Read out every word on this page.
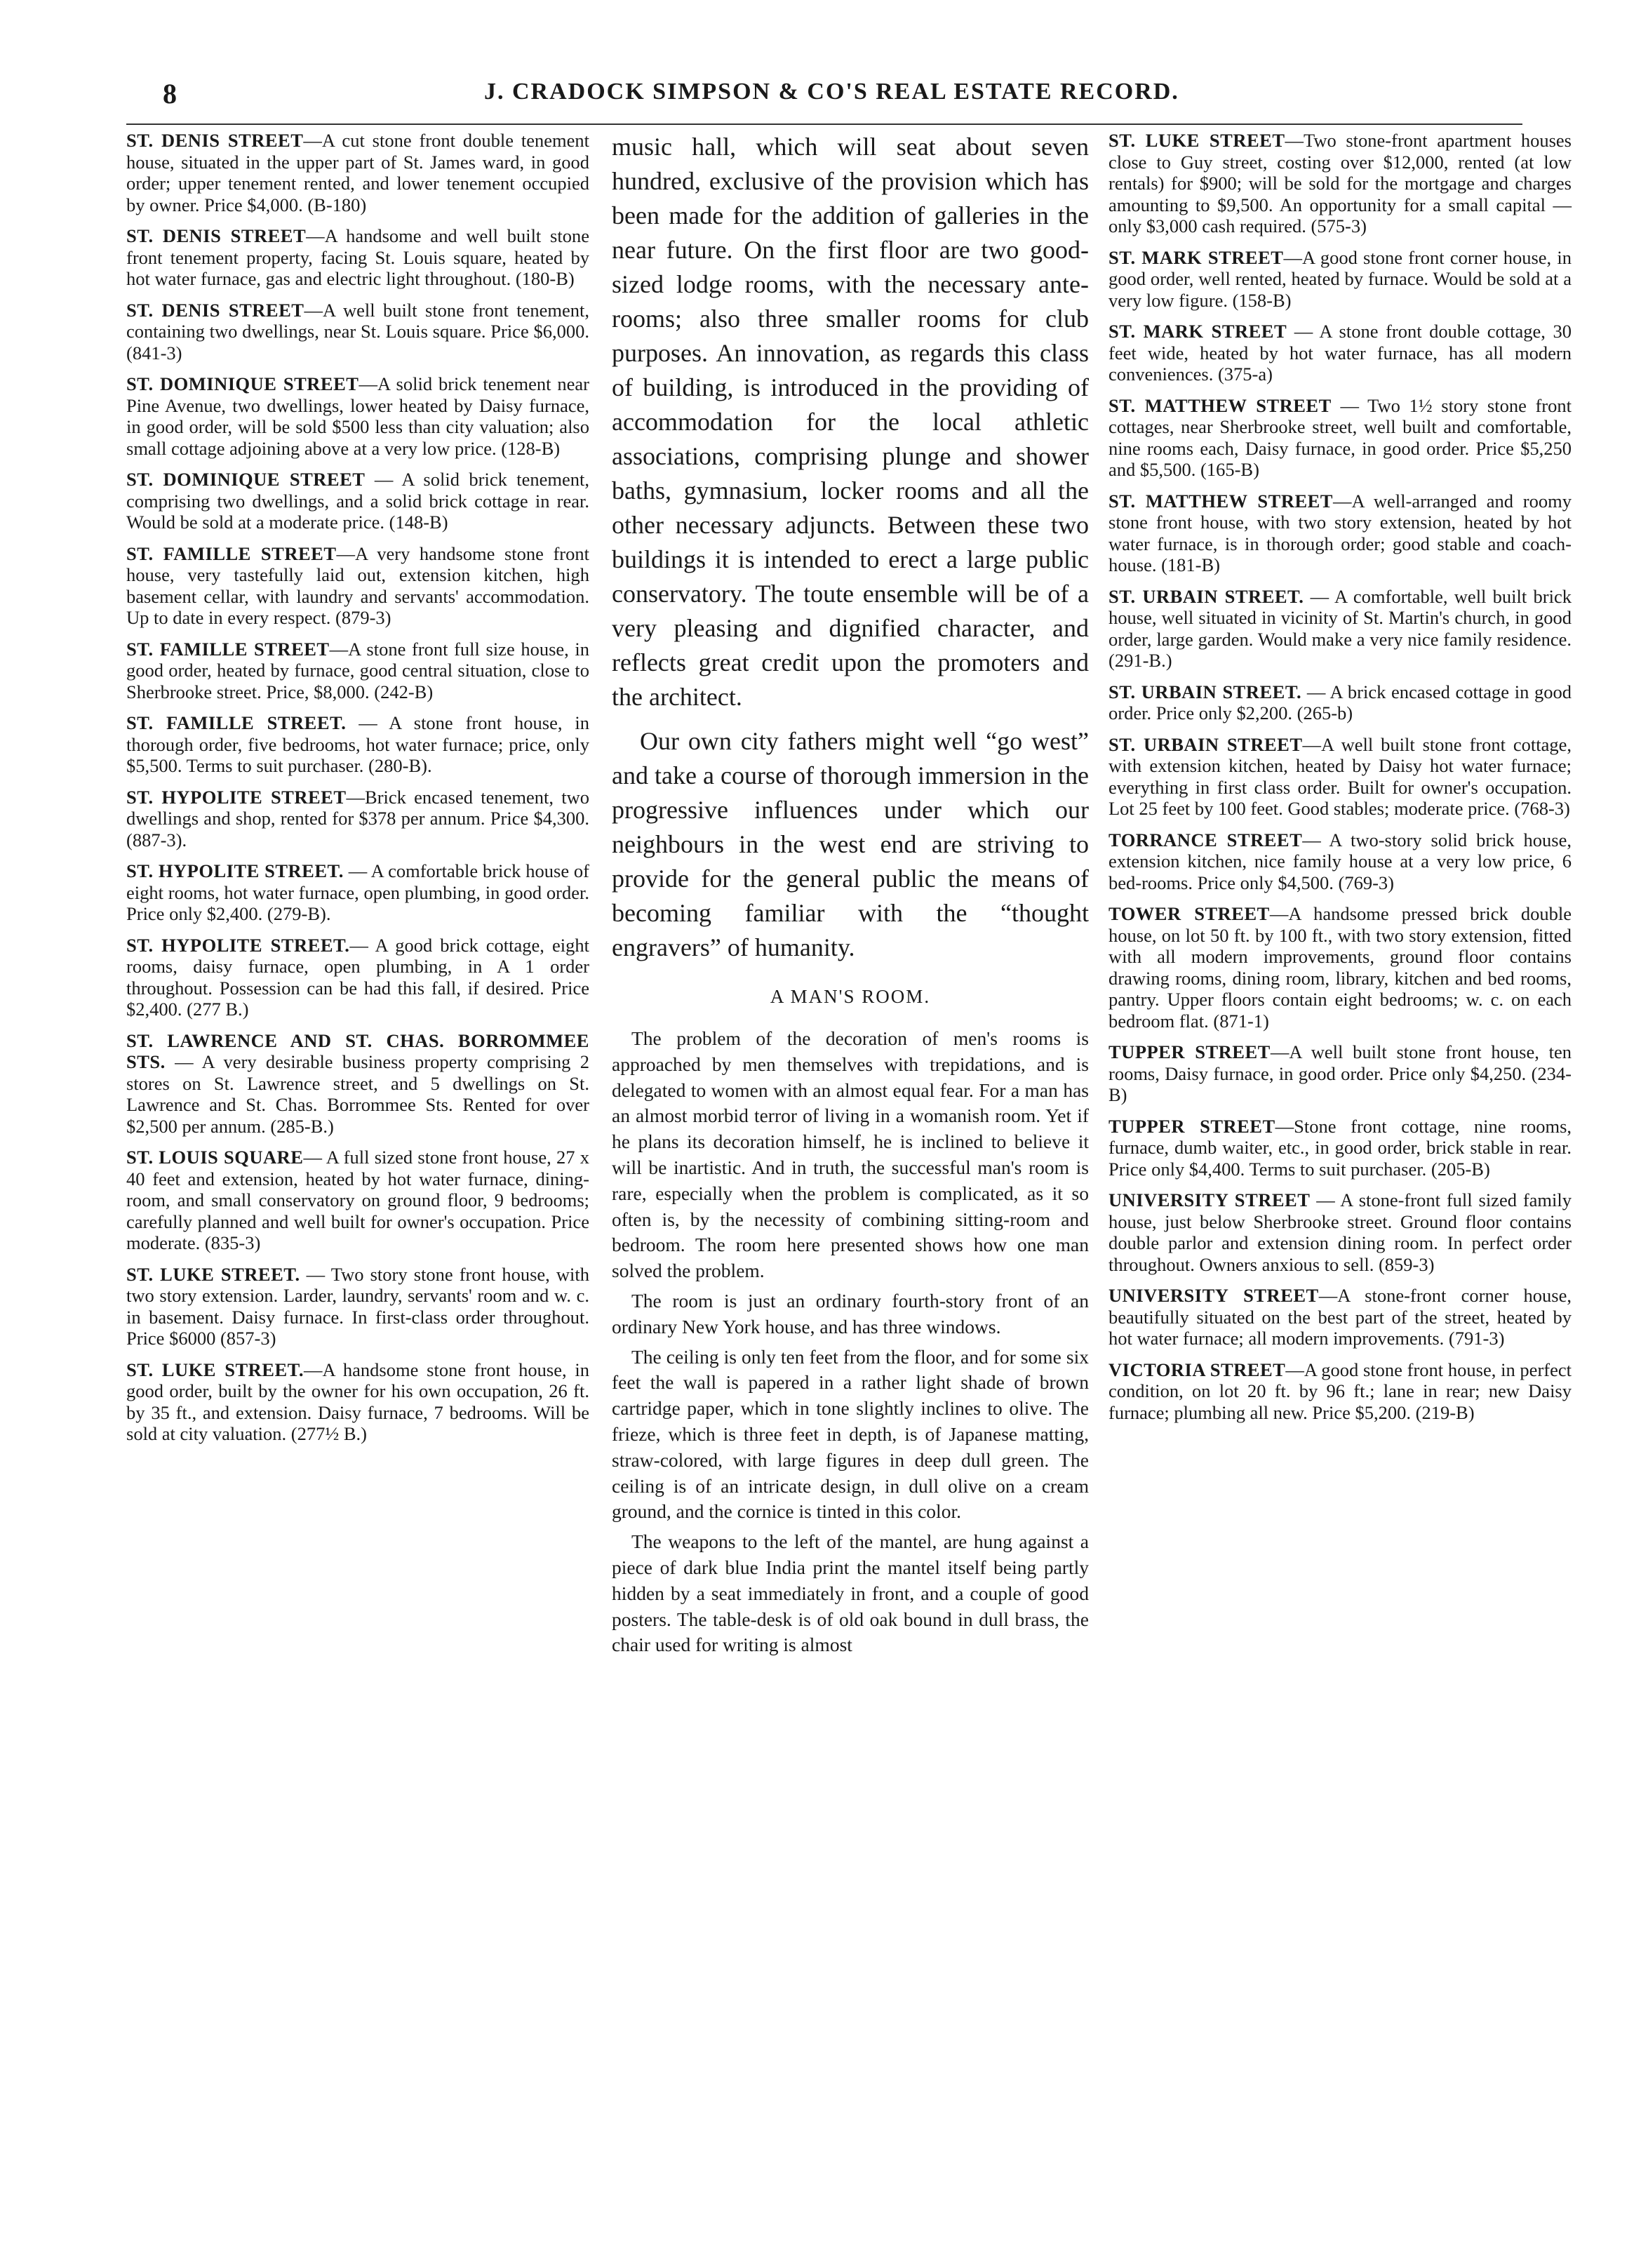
8	J. CRADOCK SIMPSON & CO'S REAL ESTATE RECORD.

ST. DENIS STREET—A cut stone front double tenement house, situated in the upper part of St. James ward, in good order; upper tenement rented, and lower tenement occupied by owner. Price $4,000. (B-180)

ST. DENIS STREET—A handsome and well built stone front tenement property, facing St. Louis square, heated by hot water furnace, gas and electric light throughout. (180-B)

ST. DENIS STREET—A well built stone front tenement, containing two dwellings, near St. Louis square. Price $6,000. (841-3)

ST. DOMINIQUE STREET—A solid brick tenement near Pine Avenue, two dwellings, lower heated by Daisy furnace, in good order, will be sold $500 less than city valuation; also small cottage adjoining above at a very low price. (128-B)

ST. DOMINIQUE STREET — A solid brick tenement, comprising two dwellings, and a solid brick cottage in rear. Would be sold at a moderate price. (148-B)

ST. FAMILLE STREET—A very handsome stone front house, very tastefully laid out, extension kitchen, high basement cellar, with laundry and servants' accommodation. Up to date in every respect. (879-3)

ST. FAMILLE STREET—A stone front full size house, in good order, heated by furnace, good central situation, close to Sherbrooke street. Price, $8,000. (242-B)

ST. FAMILLE STREET. — A stone front house, in thorough order, five bedrooms, hot water furnace; price, only $5,500. Terms to suit purchaser. (280-B).

ST. HYPOLITE STREET—Brick encased tenement, two dwellings and shop, rented for $378 per annum. Price $4,300. (887-3).

ST. HYPOLITE STREET. — A comfortable brick house of eight rooms, hot water furnace, open plumbing, in good order. Price only $2,400. (279-B).

ST. HYPOLITE STREET.— A good brick cottage, eight rooms, daisy furnace, open plumbing, in A 1 order throughout. Possession can be had this fall, if desired. Price $2,400. (277 B.)

ST. LAWRENCE AND ST. CHAS. BORROMMEE STS. — A very desirable business property comprising 2 stores on St. Lawrence street, and 5 dwellings on St. Lawrence and St. Chas. Borrommee Sts. Rented for over $2,500 per annum. (285-B.)

ST. LOUIS SQUARE— A full sized stone front house, 27 x 40 feet and extension, heated by hot water furnace, dining-room, and small conservatory on ground floor, 9 bedrooms; carefully planned and well built for owner's occupation. Price moderate. (835-3)

ST. LUKE STREET. — Two story stone front house, with two story extension. Larder, laundry, servants' room and w. c. in basement. Daisy furnace. In first-class order throughout. Price $6000 (857-3)

ST. LUKE STREET.—A handsome stone front house, in good order, built by the owner for his own occupation, 26 ft. by 35 ft., and extension. Daisy furnace, 7 bedrooms. Will be sold at city valuation. (277½ B.)

music hall, which will seat about seven hundred, exclusive of the provision which has been made for the addition of galleries in the near future. On the first floor are two good-sized lodge rooms, with the necessary ante-rooms; also three smaller rooms for club purposes. An innovation, as regards this class of building, is introduced in the providing of accommodation for the local athletic associations, comprising plunge and shower baths, gymnasium, locker rooms and all the other necessary adjuncts. Between these two buildings it is intended to erect a large public conservatory. The toute ensemble will be of a very pleasing and dignified character, and reflects great credit upon the promoters and the architect.

Our own city fathers might well “go west” and take a course of thorough immersion in the progressive influences under which our neighbours in the west end are striving to provide for the general public the means of becoming familiar with the “thought engravers” of humanity.

A MAN'S ROOM.

The problem of the decoration of men's rooms is approached by men themselves with trepidations, and is delegated to women with an almost equal fear. For a man has an almost morbid terror of living in a womanish room. Yet if he plans its decoration himself, he is inclined to believe it will be inartistic. And in truth, the successful man's room is rare, especially when the problem is complicated, as it so often is, by the necessity of combining sitting-room and bedroom. The room here presented shows how one man solved the problem.

The room is just an ordinary fourth-story front of an ordinary New York house, and has three windows.

The ceiling is only ten feet from the floor, and for some six feet the wall is papered in a rather light shade of brown cartridge paper, which in tone slightly inclines to olive. The frieze, which is three feet in depth, is of Japanese matting, straw-colored, with large figures in deep dull green. The ceiling is of an intricate design, in dull olive on a cream ground, and the cornice is tinted in this color.

The weapons to the left of the mantel, are hung against a piece of dark blue India print the mantel itself being partly hidden by a seat immediately in front, and a couple of good posters. The table-desk is of old oak bound in dull brass, the chair used for writing is almost

ST. LUKE STREET—Two stone-front apartment houses close to Guy street, costing over $12,000, rented (at low rentals) for $900; will be sold for the mortgage and charges amounting to $9,500. An opportunity for a small capital — only $3,000 cash required. (575-3)

ST. MARK STREET—A good stone front corner house, in good order, well rented, heated by furnace. Would be sold at a very low figure. (158-B)

ST. MARK STREET — A stone front double cottage, 30 feet wide, heated by hot water furnace, has all modern conveniences. (375-a)

ST. MATTHEW STREET — Two 1½ story stone front cottages, near Sherbrooke street, well built and comfortable, nine rooms each, Daisy furnace, in good order. Price $5,250 and $5,500. (165-B)

ST. MATTHEW STREET—A well-arranged and roomy stone front house, with two story extension, heated by hot water furnace, is in thorough order; good stable and coach-house. (181-B)

ST. URBAIN STREET. — A comfortable, well built brick house, well situated in vicinity of St. Martin's church, in good order, large garden. Would make a very nice family residence. (291-B.)

ST. URBAIN STREET. — A brick encased cottage in good order. Price only $2,200. (265-b)

ST. URBAIN STREET—A well built stone front cottage, with extension kitchen, heated by Daisy hot water furnace; everything in first class order. Built for owner's occupation. Lot 25 feet by 100 feet. Good stables; moderate price. (768-3)

TORRANCE STREET— A two-story solid brick house, extension kitchen, nice family house at a very low price, 6 bed-rooms. Price only $4,500. (769-3)

TOWER STREET—A handsome pressed brick double house, on lot 50 ft. by 100 ft., with two story extension, fitted with all modern improvements, ground floor contains drawing rooms, dining room, library, kitchen and bed rooms, pantry. Upper floors contain eight bedrooms; w. c. on each bedroom flat. (871-1)

TUPPER STREET—A well built stone front house, ten rooms, Daisy furnace, in good order. Price only $4,250. (234-B)

TUPPER STREET—Stone front cottage, nine rooms, furnace, dumb waiter, etc., in good order, brick stable in rear. Price only $4,400. Terms to suit purchaser. (205-B)

UNIVERSITY STREET — A stone-front full sized family house, just below Sherbrooke street. Ground floor contains double parlor and extension dining room. In perfect order throughout. Owners anxious to sell. (859-3)

UNIVERSITY STREET—A stone-front corner house, beautifully situated on the best part of the street, heated by hot water furnace; all modern improvements. (791-3)

VICTORIA STREET—A good stone front house, in perfect condition, on lot 20 ft. by 96 ft.; lane in rear; new Daisy furnace; plumbing all new. Price $5,200. (219-B)
